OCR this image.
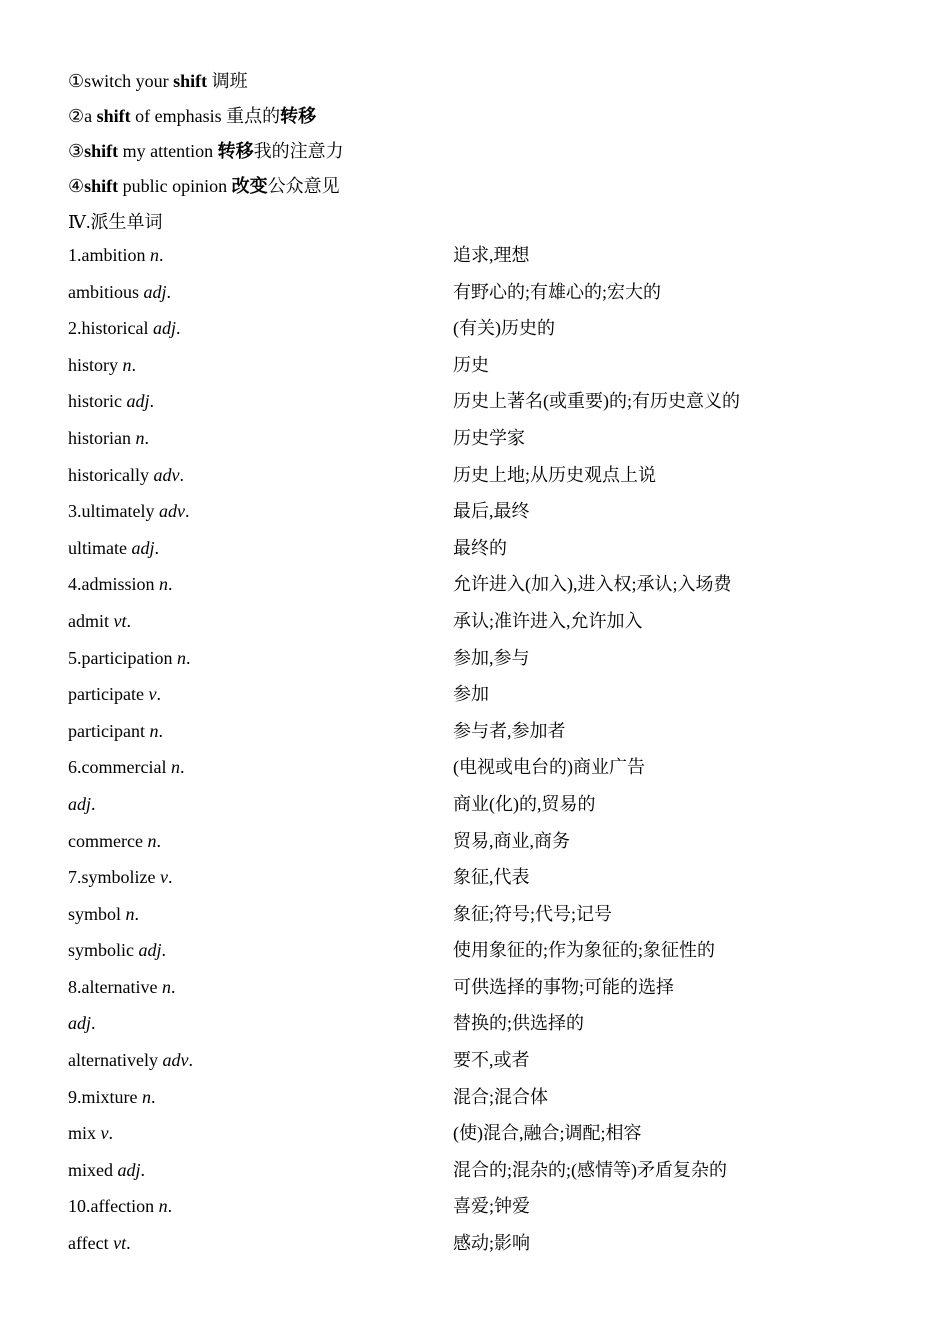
①switch your shift 调班
②a shift of emphasis 重点的转移
③shift my attention 转移我的注意力
④shift public opinion 改变公众意见
Ⅳ.派生单词
1.ambition n.	追求,理想
ambitious adj.	有野心的;有雄心的;宏大的
2.historical adj.	(有关)历史的
history n.	历史
historic adj.	历史上著名(或重要)的;有历史意义的
historian n.	历史学家
historically adv.	历史上地;从历史观点上说
3.ultimately adv.	最后,最终
ultimate adj.	最终的
4.admission n.	允许进入(加入),进入权;承认;入场费
admit vt.	承认;准许进入,允许加入
5.participation n.	参加,参与
participate v.	参加
participant n.	参与者,参加者
6.commercial n.	(电视或电台的)商业广告
adj.	商业(化)的,贸易的
commerce n.	贸易,商业,商务
7.symbolize v.	象征,代表
symbol n.	象征;符号;代号;记号
symbolic adj.	使用象征的;作为象征的;象征性的
8.alternative n.	可供选择的事物;可能的选择
adj.	替换的;供选择的
alternatively adv.	要不,或者
9.mixture n.	混合;混合体
mix v.	(使)混合,融合;调配;相容
mixed adj.	混合的;混杂的;(感情等)矛盾复杂的
10.affection n.	喜爱;钟爱
affect vt.	感动;影响
